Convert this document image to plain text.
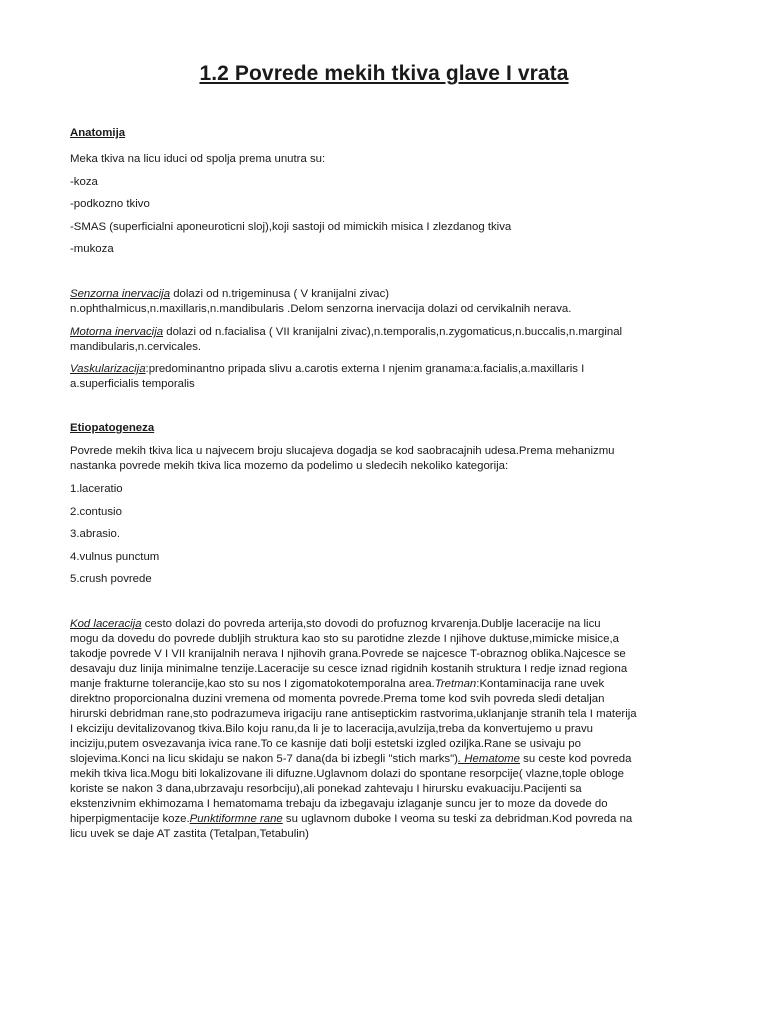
1.2 Povrede mekih tkiva glave I vrata
Anatomija
Meka tkiva na licu iduci od spolja prema unutra su:
-koza
-podkozno tkivo
-SMAS (superficialni aponeuroticni sloj),koji sastoji od mimickih misica I zlezdanog tkiva
-mukoza
Senzorna inervacija dolazi od n.trigeminusa ( V kranijalni zivac)
n.ophthalmicus,n.maxillaris,n.mandibularis .Delom senzorna inervacija dolazi od cervikalnih nerava.
Motorna inervacija dolazi od n.facialisa ( VII kranijalni zivac),n.temporalis,n.zygomaticus,n.buccalis,n.marginal
mandibularis,n.cervicales.
Vaskularizacija:predominantno pripada slivu a.carotis externa I njenim granama:a.facialis,a.maxillaris I
a.superficialis temporalis
Etiopatogeneza
Povrede mekih tkiva lica u najvecem broju slucajeva dogadja se kod saobracajnih udesa.Prema mehanizmu
nastanka povrede mekih tkiva lica mozemo da podelimo u sledecih nekoliko kategorija:
1.laceratio
2.contusio
3.abrasio.
4.vulnus punctum
5.crush povrede
Kod laceracija cesto dolazi do povreda arterija,sto dovodi do profuznog krvarenja.Dublje laceracije na licu
mogu da dovedu do povrede dubljih struktura kao sto su parotidne zlezde I njihove duktuse,mimicke misice,a
takodje povrede V I VII kranijalnih nerava I njihovih grana.Povrede se najcesce T-obraznog oblika.Najcesce se
desavaju duz linija minimalne tenzije.Laceracije su cesce iznad rigidnih kostanih struktura I redje iznad regiona
manje frakturne tolerancije,kao sto su nos I zigomatokotemporalna area.Tretman:Kontaminacija rane uvek
direktno proporcionalna duzini vremena od momenta povrede.Prema tome kod svih povreda sledi detaljan
hirurski debridman rane,sto podrazumeva irigaciju rane antiseptickim rastvorima,uklanjanje stranih tela I materija
I ekciziju devitalizovanog tkiva.Bilo koju ranu,da li je to laceracija,avulzija,treba da konvertujemo u pravu
inciziju,putem osvezavanja ivica rane.To ce kasnije dati bolji estetski izgled oziljka.Rane se usivaju po
slojevima.Konci na licu skidaju se nakon 5-7 dana(da bi izbegli "stich marks"). Hematome su ceste kod povreda
mekih tkiva lica.Mogu biti lokalizovane ili difuzne.Uglavnom dolazi do spontane resorpcije( vlazne,tople obloge
koriste se nakon 3 dana,ubrzavaju resorbciju),ali ponekad zahtevaju I hirursku evakuaciju.Pacijenti sa
ekstenzivnim ekhimozama I hematomama trebaju da izbegavaju izlaganje suncu jer to moze da dovede do
hiperpigmentacije koze.Punktiformne rane su uglavnom duboke I veoma su teski za debridman.Kod povreda na
licu uvek se daje AT zastita (Tetalpan,Tetabulin)
